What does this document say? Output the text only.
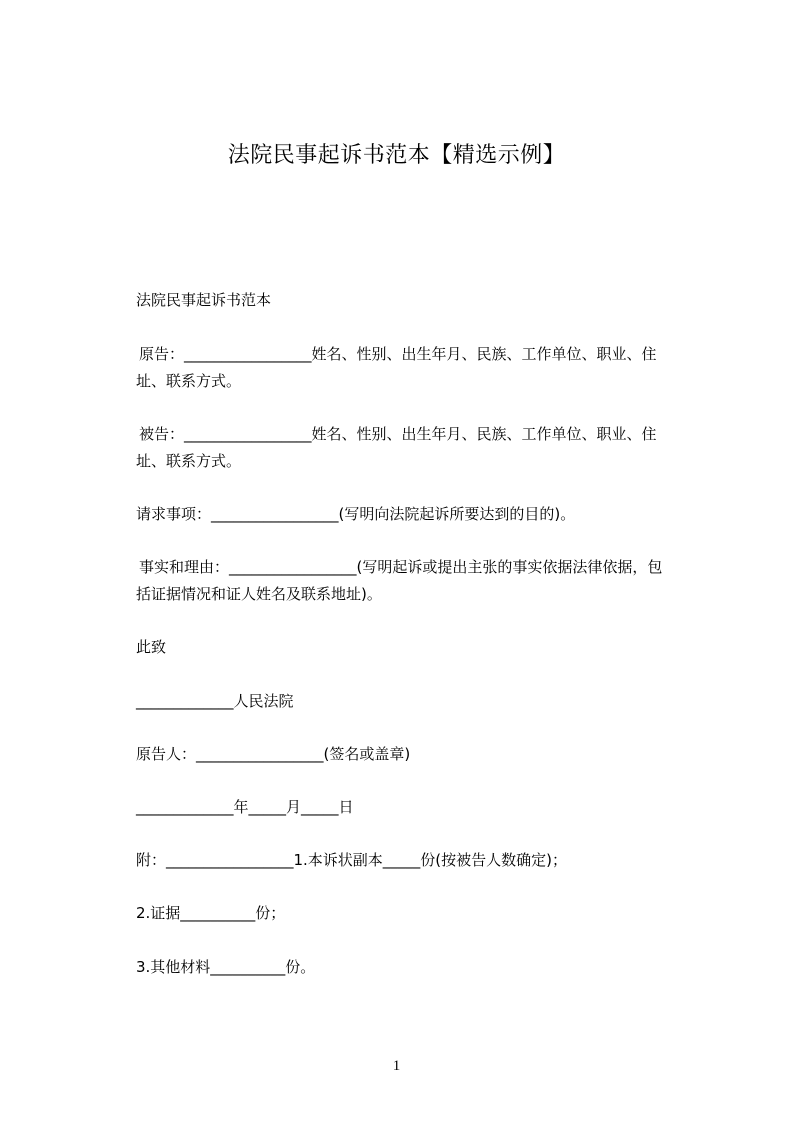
法院民事起诉书范本【精选示例】
法院民事起诉书范本
原告：_________________姓名、性别、出生年月、民族、工作单位、职业、住
址、联系方式。
被告：_________________姓名、性别、出生年月、民族、工作单位、职业、住
址、联系方式。
请求事项：_________________(写明向法院起诉所要达到的目的)。
事实和理由：_________________(写明起诉或提出主张的事实依据法律依据，包
括证据情况和证人姓名及联系地址)。
此致
_____________人民法院
原告人：_________________(签名或盖章)
_____________年_____月_____日
附：_________________1.本诉状副本_____份(按被告人数确定)；
2.证据__________份；
3.其他材料__________份。
1
